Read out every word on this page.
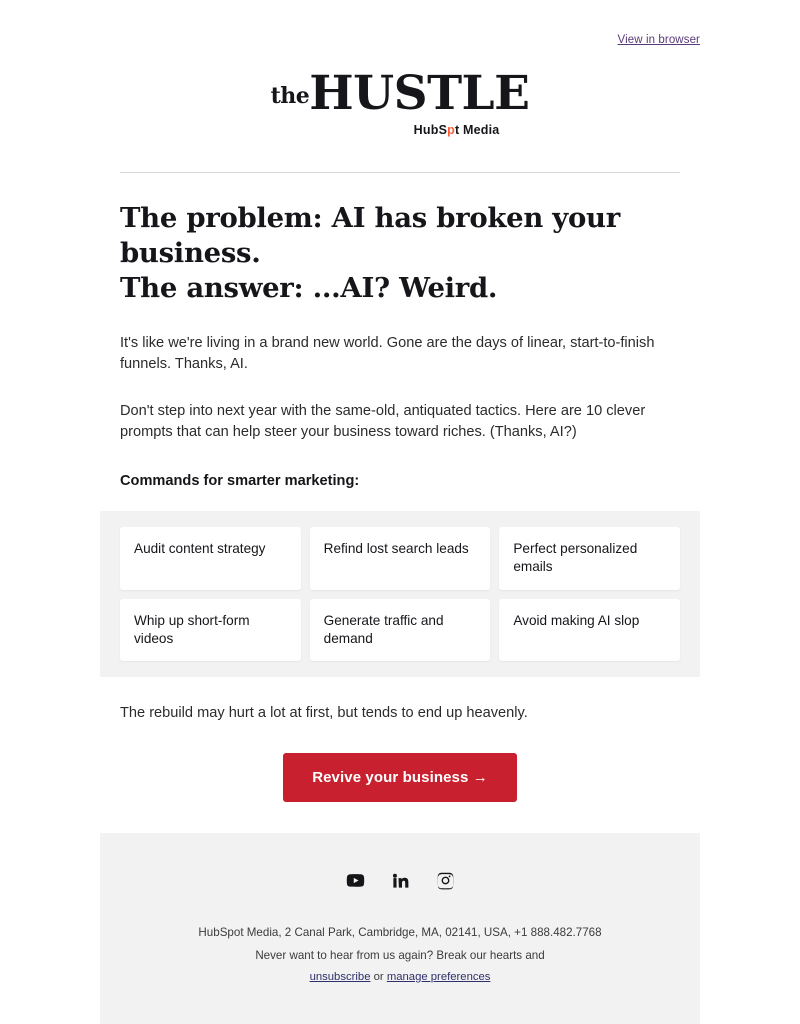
View in browser
theHUSTLE
HubSpt Media
The problem: AI has broken your business.
The answer: ...AI? Weird.

It's like we're living in a brand new world. Gone are the days of linear, start-to-finish funnels. Thanks, AI.

Don't step into next year with the same-old, antiquated tactics. Here are 10 clever prompts that can help steer your business toward riches. (Thanks, AI?)

Commands for smarter marketing:

Audit content strategy	Refind lost search leads	Perfect personalized emails
Whip up short-form videos
Generate traffic and demand
Avoid making AI slop

The rebuild may hurt a lot at first, but tends to end up heavenly.

Revive your business →
HubSpot Media, 2 Canal Park, Cambridge, MA, 02141, USA, +1 888.482.7768
Never want to hear from us again? Break our hearts and
unsubscribe or manage preferences
